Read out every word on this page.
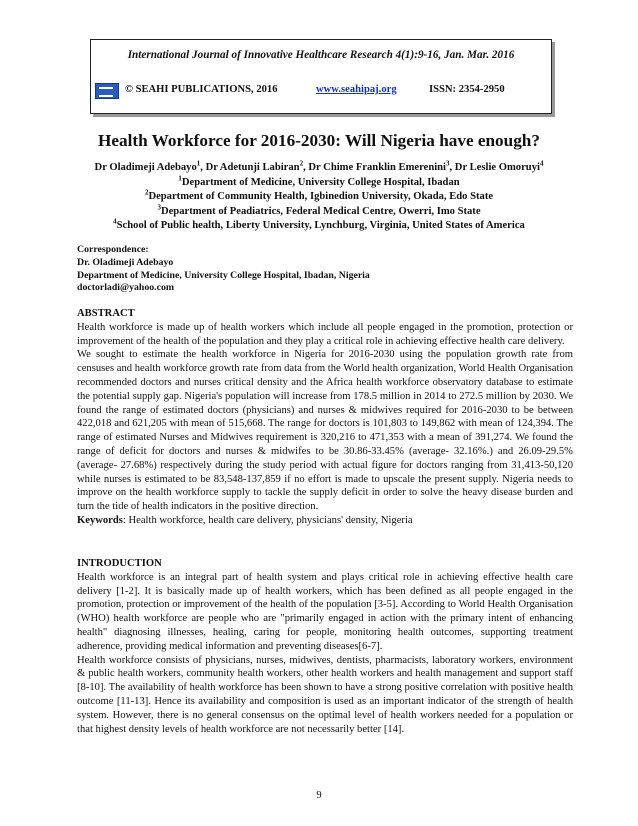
International Journal of Innovative Healthcare Research 4(1):9-16, Jan. Mar. 2016
© SEAHI PUBLICATIONS, 2016	www.seahipaj.org	ISSN: 2354-2950
Health Workforce for 2016-2030: Will Nigeria have enough?
Dr Oladimeji Adebayo$^1$, Dr Adetunji Labiran$^2$, Dr Chime Franklin Emerenini$^3$, Dr Leslie Omoruyi$^4$
$^1$Department of Medicine, University College Hospital, Ibadan
$^2$Department of Community Health, Igbinedion University, Okada, Edo State
$^3$Department of Peadiatrics, Federal Medical Centre, Owerri, Imo State
$^4$School of Public health, Liberty University, Lynchburg, Virginia, United States of America
Correspondence:
Dr. Oladimeji Adebayo
Department of Medicine, University College Hospital, Ibadan, Nigeria
doctorladi@yahoo.com
ABSTRACT
Health workforce is made up of health workers which include all people engaged in the promotion, protection or improvement of the health of the population and they play a critical role in achieving effective health care delivery.
We sought to estimate the health workforce in Nigeria for 2016-2030 using the population growth rate from censuses and health workforce growth rate from data from the World health organization, World Health Organisation recommended doctors and nurses critical density and the Africa health workforce observatory database to estimate the potential supply gap. Nigeria's population will increase from 178.5 million in 2014 to 272.5 million by 2030. We found the range of estimated doctors (physicians) and nurses & midwives required for 2016-2030 to be between 422,018 and 621,205 with mean of 515,668. The range for doctors is 101,803 to 149,862 with mean of 124,394. The range of estimated Nurses and Midwives requirement is 320,216 to 471,353 with a mean of 391,274. We found the range of deficit for doctors and nurses & midwifes to be 30.86-33.45% (average- 32.16%.) and 26.09-29.5% (average- 27.68%) respectively during the study period with actual figure for doctors ranging from 31,413-50,120 while nurses is estimated to be 83,548-137,859 if no effort is made to upscale the present supply. Nigeria needs to improve on the health workforce supply to tackle the supply deficit in order to solve the heavy disease burden and turn the tide of health indicators in the positive direction.
Keywords: Health workforce, health care delivery, physicians' density, Nigeria
INTRODUCTION
Health workforce is an integral part of health system and plays critical role in achieving effective health care delivery [1-2]. It is basically made up of health workers, which has been defined as all people engaged in the promotion, protection or improvement of the health of the population [3-5]. According to World Health Organisation (WHO) health workforce are people who are "primarily engaged in action with the primary intent of enhancing health" diagnosing illnesses, healing, caring for people, monitoring health outcomes, supporting treatment adherence, providing medical information and preventing diseases[6-7].
Health workforce consists of physicians, nurses, midwives, dentists, pharmacists, laboratory workers, environment & public health workers, community health workers, other health workers and health management and support staff [8-10]. The availability of health workforce has been shown to have a strong positive correlation with positive health outcome [11-13]. Hence its availability and composition is used as an important indicator of the strength of health system. However, there is no general consensus on the optimal level of health workers needed for a population or that highest density levels of health workforce are not necessarily better [14].
9
